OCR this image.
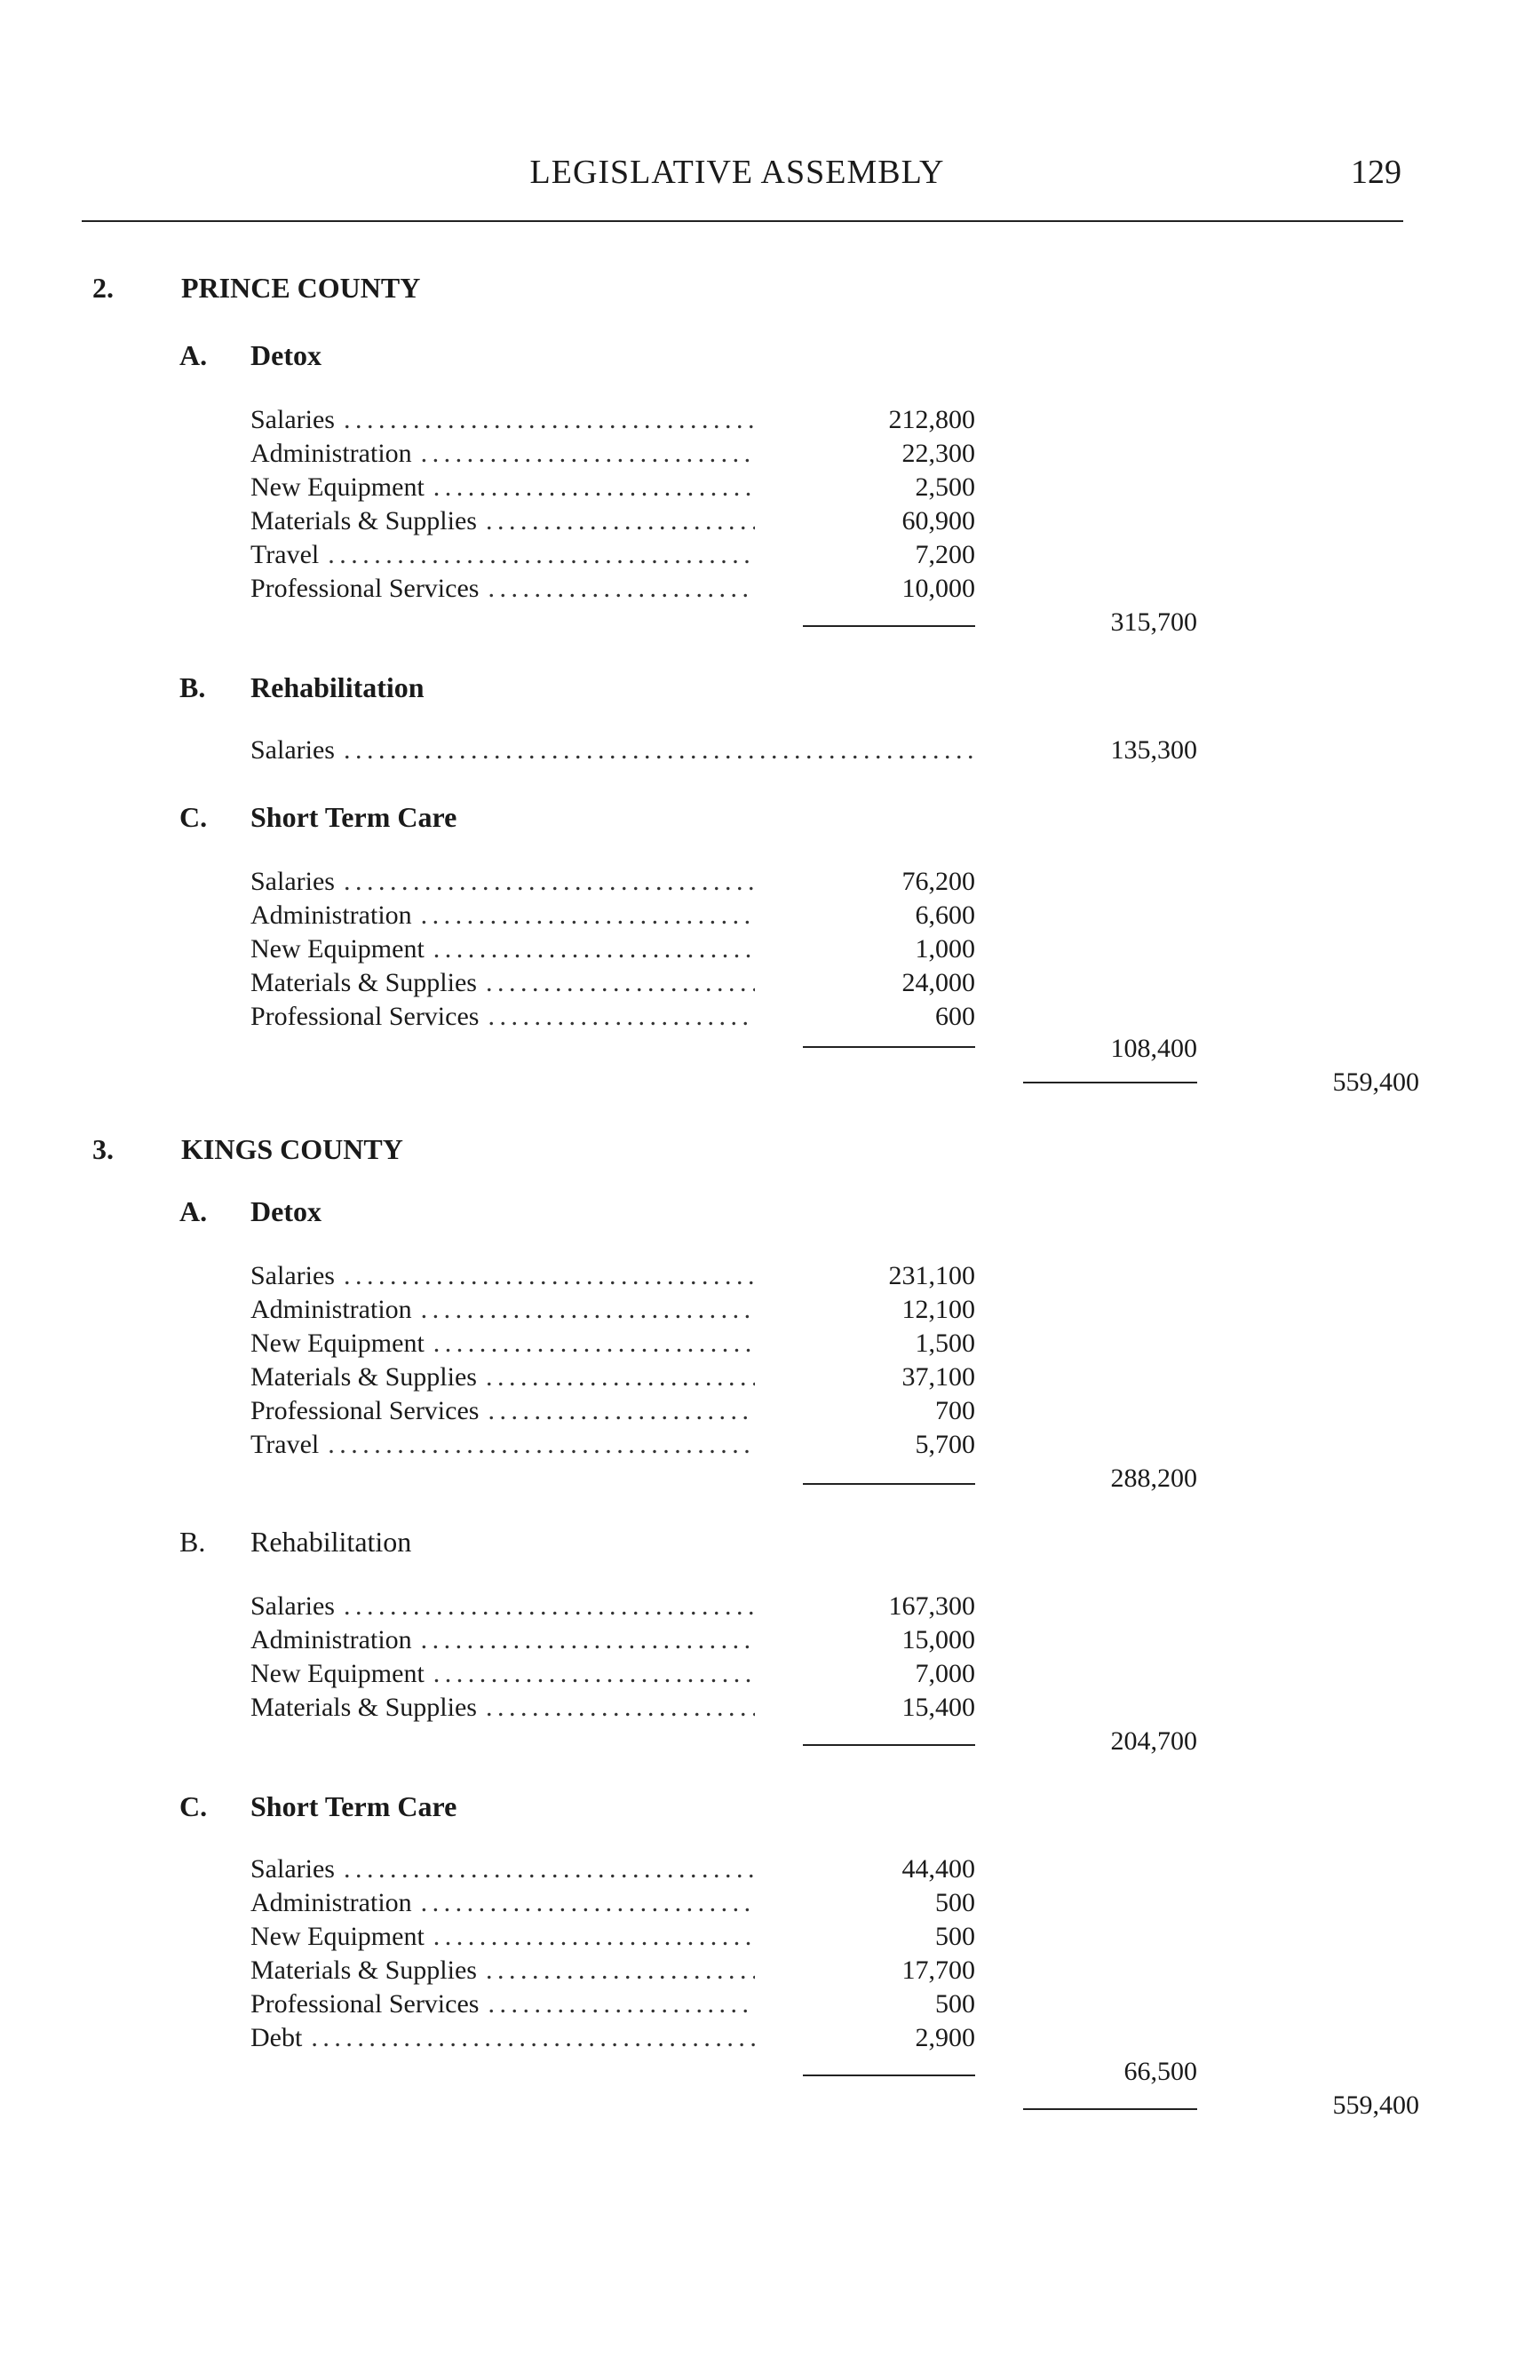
LEGISLATIVE ASSEMBLY	129
2. PRINCE COUNTY
A. Detox
Salaries . . .	212,800
Administration . . .	22,300
New Equipment . . .	2,500
Materials & Supplies . . .	60,900
Travel . . .	7,200
Professional Services . . .	10,000
315,700
B. Rehabilitation
Salaries . . .	135,300
C. Short Term Care
Salaries . . .	76,200
Administration . . .	6,600
New Equipment . . .	1,000
Materials & Supplies . . .	24,000
Professional Services . . .	600
108,400
559,400
3. KINGS COUNTY
A. Detox
Salaries . . .	231,100
Administration . . .	12,100
New Equipment . . .	1,500
Materials & Supplies . . .	37,100
Professional Services . . .	700
Travel . . .	5,700
288,200
B. Rehabilitation
Salaries . . .	167,300
Administration . . .	15,000
New Equipment . . .	7,000
Materials & Supplies . . .	15,400
204,700
C. Short Term Care
Salaries . . .	44,400
Administration . . .	500
New Equipment . . .	500
Materials & Supplies . . .	17,700
Professional Services . . .	500
Debt . . .	2,900
66,500
559,400
